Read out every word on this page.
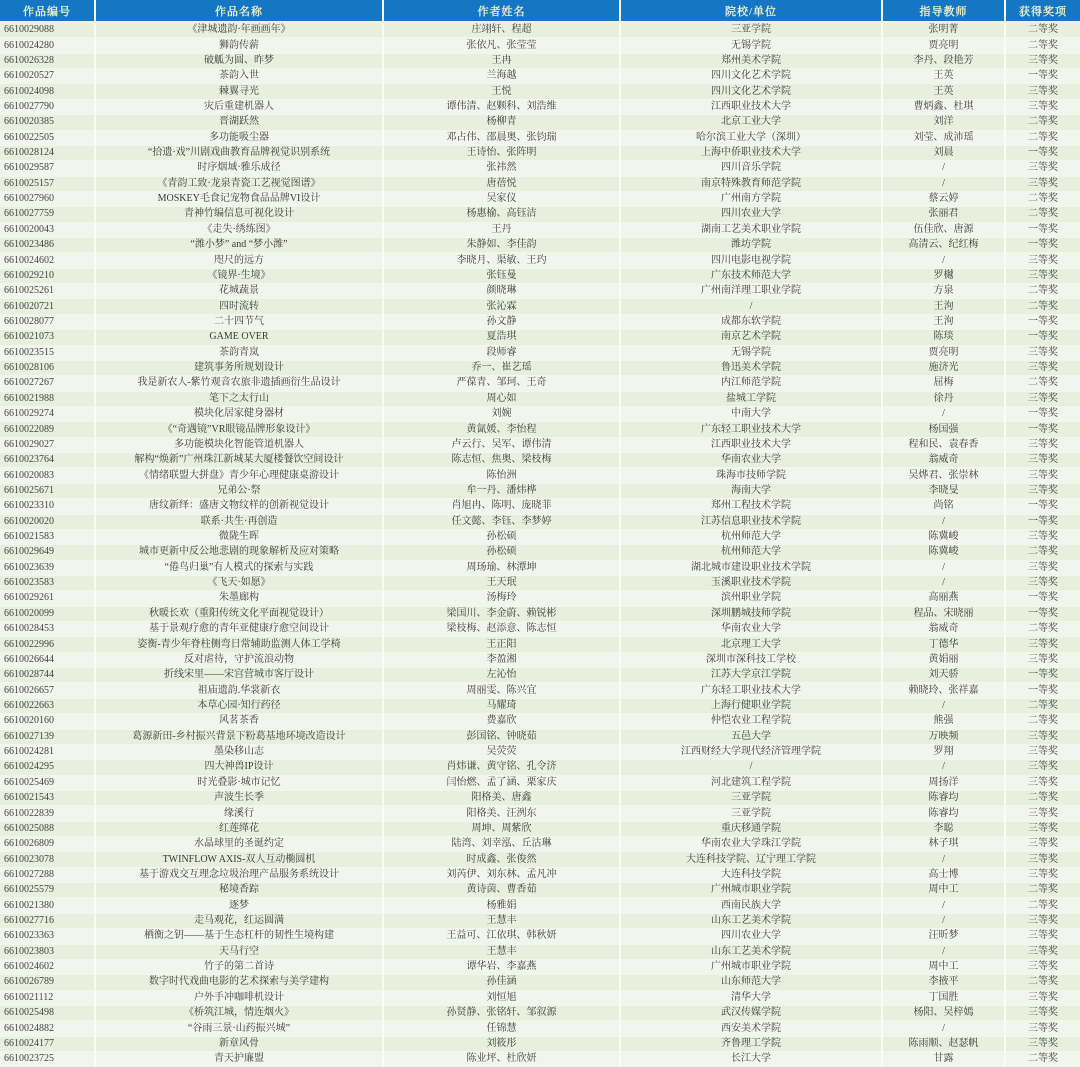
作品编号	作品名称	作者姓名	院校/单位	指导教师	获得奖项
6610029088	《津城遗韵·年画画年》	庄翊轩、程超	三亚学院	张明菁	二等奖
6610024280	狮韵传薪	张依凡、张莹莹	无锡学院	贾亮明	二等奖
6610026328	破觚为圆、昨梦	王冉	郑州美术学院	李丹、段艳芳	三等奖
6610020527	茶韵入世	兰海越	四川文化艺术学院	王英	一等奖
6610024098	棘翼寻光	王悦	四川文化艺术学院	王英	三等奖
6610027790	灾后重建机器人	谭伟清、赵颗科、刘浩维	江西职业技术大学	曹炳鑫、杜琪	三等奖
6610020385	晋湖跃然	杨柳青	北京工业大学	刘洋	二等奖
6610022505	多功能吸尘器	邓占伟、邵晨奥、张钧瑞	哈尔滨工业大学（深圳）	刘莹、成沛瑶	二等奖
6610028124	“拾遗·戏”川剧戏曲教育品牌视觉识别系统	王诗怡、张阵明	上海中侨职业技术大学	刘晨	一等奖
6610029587	时序烟域·雅乐成径	张祎然	四川音乐学院	/	三等奖
6610025157	《青韵工致·龙泉青瓷工艺视觉图谱》	唐蓓悦	南京特殊教育师范学院	/	三等奖
6610027960	MOSKEY毛食记宠物食品品牌VI设计	吴家仪	广州南方学院	蔡云婷	二等奖
6610027759	青神竹编信息可视化设计	杨惠榆、高钰洁	四川农业大学	张丽君	二等奖
6610020043	《走失·绣练图》	王丹	湖南工艺美术职业学院	伍佳欣、唐源	一等奖
6610023486	“潍小梦” and “梦小潍”	朱静如、李佳韵	潍坊学院	高清云、纪红梅	一等奖
6610024602	咫尺的远方	李晓月、渠敏、王玓	四川电影电视学院	/	三等奖
6610029210	《镜界·生境》	张钰曼	广东技术师范大学	罗樾	三等奖
6610025261	花城蔬景	颜晓琳	广州南洋理工职业学院	方泉	二等奖
6610020721	四时流转	张沁霖	/	王洵	二等奖
6610028077	二十四节气	孙文静	成都东软学院	王洵	一等奖
6610021073	GAME OVER	夏浩琪	南京艺术学院	陈琰	一等奖
6610023515	茶韵青岚	段师睿	无锡学院	贾亮明	三等奖
6610028106	建筑事务所规划设计	乔一、崔艺瑶	鲁迅美术学院	施济光	三等奖
6610027267	我是新农人-紫竹观音农旅非遗插画衍生品设计	严葆青、邹珂、王奇	内江师范学院	屈梅	二等奖
6610021988	笔下之太行山	周心如	盐城工学院	徐丹	三等奖
6610029274	模块化居家健身器材	刘婉	中南大学	/	一等奖
6610022089	《“奇遇镜”VR眼镜品牌形象设计》	黄氤媛、李怡程	广东轻工职业技术大学	杨国强	一等奖
6610029027	多功能模块化智能管道机器人	卢云行、吴军、谭伟清	江西职业技术大学	程和民、袁春香	三等奖
6610023764	解构“焕新”广州珠江新城某大厦楼餐饮空间设计	陈志恒、焦奥、梁枝梅	华南农业大学	翁威奇	三等奖
6610020083	《情绪联盟大拼盘》青少年心理健康桌游设计	陈怡洲	珠海市技师学院	吴烨君、张崇林	三等奖
6610025671	兄弟公·祭	牟一丹、潘炜桦	海南大学	李晓旻	三等奖
6610023310	唐纹新绎：盛唐文物纹样的创新视觉设计	肖旭冉、陈明、庞晓菲	郑州工程技术学院	尚铭	一等奖
6610020020	联系·共生·再创造	任文懿、李钰、李梦婷	江苏信息职业技术学院	/	一等奖
6610021583	微陇生晖	孙松硕	杭州师范大学	陈冀峻	三等奖
6610029649	城市更新中反公地悲剧的现象解析及应对策略	孙松硕	杭州师范大学	陈冀峻	二等奖
6610023639	“倦鸟归巢”有人模式的探索与实践	周玚瑜、林潭坤	湖北城市建设职业技术学院	/	三等奖
6610023583	《飞天·如愿》	王天珉	玉溪职业技术学院	/	三等奖
6610029261	朱墨廊构	汤梅玲	滨州职业学院	高丽燕	一等奖
6610020099	秋暖长欢（重阳传统文化平面视觉设计）	梁国川、李金蔚、赖锐彬	深圳鹏城技师学院	程品、宋晓丽	一等奖
6610028453	基于景观疗愈的青年亚健康疗愈空间设计	梁枝梅、赵添意、陈志恒	华南农业大学	翁威奇	二等奖
6610022996	姿衡-青少年脊柱侧弯日常辅助监测人体工学椅	王正阳	北京理工大学	丁德华	三等奖
6610026644	反对虐待，守护流浪动物	李盈湘	深圳市深科技工学校	黄娟丽	三等奖
6610028744	折线宋里——宋宫营城市客厅设计	左沁怡	江苏大学京江学院	刘天骄	一等奖
6610026657	祖庙遗韵.华裳新衣	周丽雯、陈兴宜	广东轻工职业技术大学	赖晓玲、张祥嘉	一等奖
6610022663	本草心园·知行药径	马耀琦	上海行健职业学院	/	二等奖
6610020160	风茗茶香	费嘉欣	仲恺农业工程学院	熊强	二等奖
6610027139	葛源新田-乡村振兴背景下粉葛基地环境改造设计	彭国铭、钟晓茹	五邑大学	万映频	三等奖
6610024281	墨染移山志	吴荧荧	江西财经大学现代经济管理学院	罗翔	三等奖
6610024295	四大神兽IP设计	肖炜谦、黄守铭、孔令济	/	/	三等奖
6610025469	时光叠影·城市记忆	闫怡燃、孟了涵、栗家庆	河北建筑工程学院	周扬洋	三等奖
6610021543	声波生长季	阳格美、唐鑫	三亚学院	陈睿均	二等奖
6610022839	缘溪行	阳格美、汪洌东	三亚学院	陈睿均	三等奖
6610025088	红莲缂花	周坤、周紫欣	重庆移通学院	李聪	三等奖
6610026809	水晶球里的圣诞约定	陆湾、刘幸泓、丘沽琳	华南农业大学珠江学院	林子琪	三等奖
6610023078	TWINFLOW AXIS-双人互动椭圆机	时成鑫、张俊然	大连科技学院、辽宁理工学院	/	三等奖
6610027288	基于游戏交互理念垃圾治理产品服务系统设计	刘芮伊、刘东林、孟凡冲	大连科技学院	高士博	三等奖
6610025579	秘境香踪	黄诗茵、曹香茹	广州城市职业学院	周中工	二等奖
6610021380	逐梦	杨雅娟	西南民族大学	/	二等奖
6610027716	走马观花，红运圆满	王慧丰	山东工艺美术学院	/	三等奖
6610023363	栖衡之钥——基于生态杠杆的韧性生境构建	王益可、江依琪、韩秋妍	四川农业大学	汪昕梦	三等奖
6610023803	天马行空	王慧丰	山东工艺美术学院	/	三等奖
6610024602	竹子的第二首诗	谭华岩、李嘉燕	广州城市职业学院	周中工	三等奖
6610026789	数字时代戏曲电影的艺术探索与美学建构	孙佳涵	山东师范大学	李掖平	二等奖
6610021112	户外手冲咖啡机设计	刘恒旭	清华大学	丁国胜	三等奖
6610025498	《桥筑江城，情连烟火》	孙贤静、张铭轩、邹叙源	武汉传媒学院	杨阳、吴梓嫣	三等奖
6610024882	“谷雨三景·山药振兴城”	任锦慧	西安美术学院	/	三等奖
6610024177	新章风骨	刘筱彤	齐鲁理工学院	陈雨顺、赵瑟帆	三等奖
6610023725	青天护廉盟	陈业坪、杜欣妍	长江大学	甘露	二等奖
